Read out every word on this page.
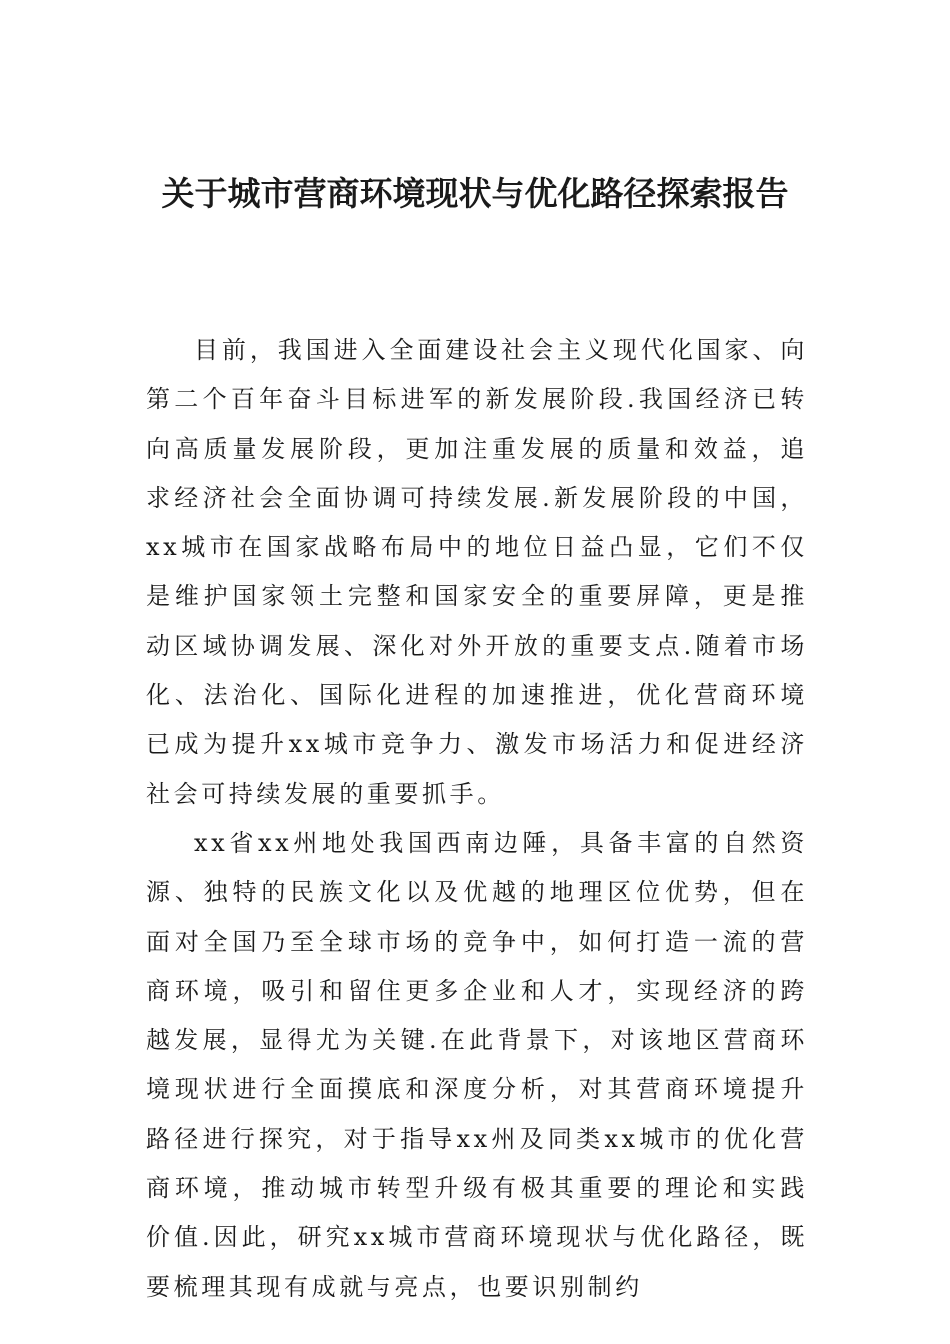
关于城市营商环境现状与优化路径探索报告

目前，我国进入全面建设社会主义现代化国家、向第二个百年奋斗目标进军的新发展阶段.我国经济已转向高质量发展阶段，更加注重发展的质量和效益，追求经济社会全面协调可持续发展.新发展阶段的中国，xx城市在国家战略布局中的地位日益凸显，它们不仅是维护国家领土完整和国家安全的重要屏障，更是推动区域协调发展、深化对外开放的重要支点.随着市场化、法治化、国际化进程的加速推进，优化营商环境已成为提升xx城市竞争力、激发市场活力和促进经济社会可持续发展的重要抓手。

xx省xx州地处我国西南边陲，具备丰富的自然资源、独特的民族文化以及优越的地理区位优势，但在面对全国乃至全球市场的竞争中，如何打造一流的营商环境，吸引和留住更多企业和人才，实现经济的跨越发展，显得尤为关键.在此背景下，对该地区营商环境现状进行全面摸底和深度分析，对其营商环境提升路径进行探究，对于指导xx州及同类xx城市的优化营商环境，推动城市转型升级有极其重要的理论和实践价值.因此，研究xx城市营商环境现状与优化路径，既要梳理其现有成就与亮点，也要识别制约
